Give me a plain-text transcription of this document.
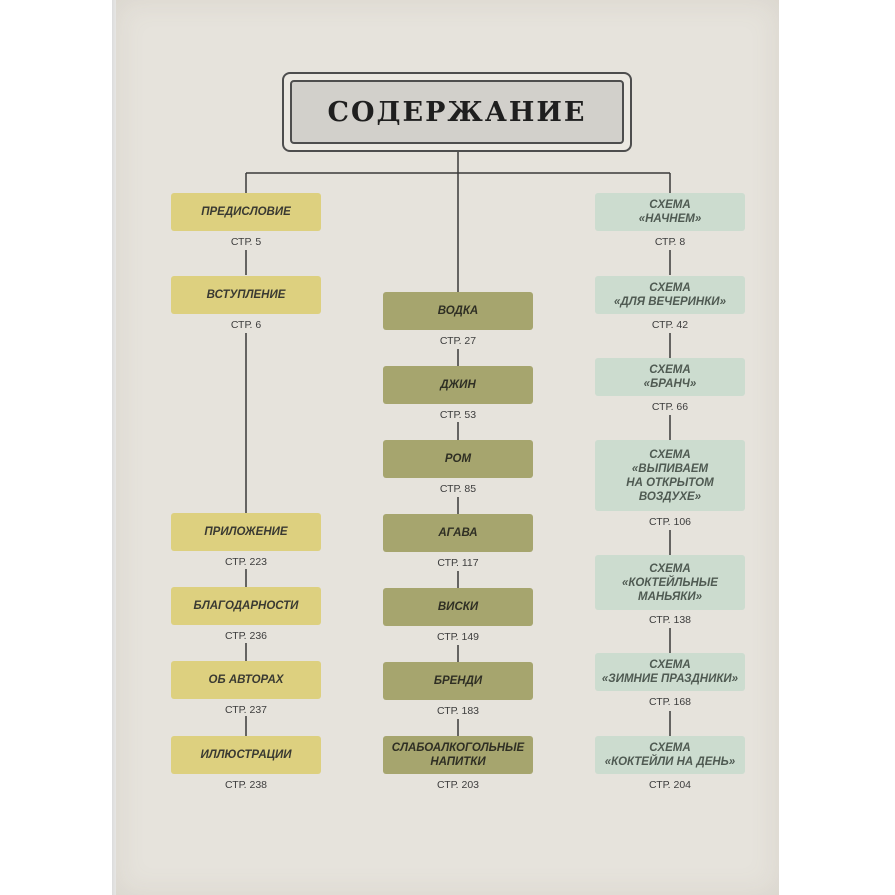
СОДЕРЖАНИЕ
ПРЕДИСЛОВИЕ
СТР. 5
ВСТУПЛЕНИЕ
СТР. 6
ПРИЛОЖЕНИЕ
СТР. 223
БЛАГОДАРНОСТИ
СТР. 236
ОБ АВТОРАХ
СТР. 237
ИЛЛЮСТРАЦИИ
СТР. 238
ВОДКА
СТР. 27
ДЖИН
СТР. 53
РОМ
СТР. 85
АГАВА
СТР. 117
ВИСКИ
СТР. 149
БРЕНДИ
СТР. 183
СЛАБОАЛКОГОЛЬНЫЕ
НАПИТКИ
СТР. 203
СХЕМА
«НАЧНЕМ»
СТР. 8
СХЕМА
«ДЛЯ ВЕЧЕРИНКИ»
СТР. 42
СХЕМА
«БРАНЧ»
СТР. 66
СХЕМА
«ВЫПИВАЕМ
НА ОТКРЫТОМ
ВОЗДУХЕ»
СТР. 106
СХЕМА
«КОКТЕЙЛЬНЫЕ
МАНЬЯКИ»
СТР. 138
СХЕМА
«ЗИМНИЕ ПРАЗДНИКИ»
СТР. 168
СХЕМА
«КОКТЕЙЛИ НА ДЕНЬ»
СТР. 204
